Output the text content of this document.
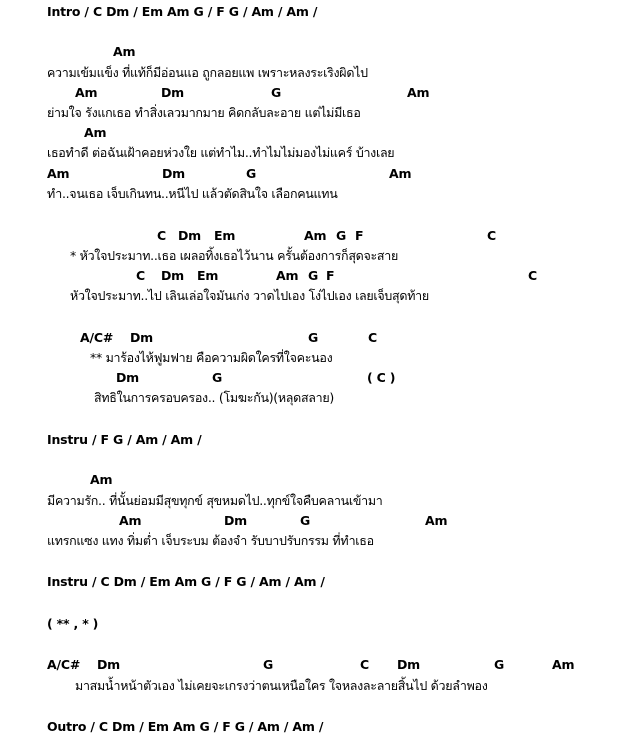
Intro / C Dm / Em Am G / F G / Am / Am /
Am
ความเข้มแข็ง ที่แท้ก็มีอ่อนแอ ถูกลอยแพ เพราะหลงระเริงผิดไป
Am	Dm	G	Am
ย่ามใจ รังแกเธอ ทำสิ่งเลวมากมาย คิดกลับละอาย แต่ไม่มีเธอ
Am
เธอทำดี ต่อฉันเฝ้าคอยห่วงใย แต่ทำไม..ทำไมไม่มองไม่แคร์ บ้างเลย
Am	Dm	G	Am
ทำ..จนเธอ เจ็บเกินทน..หนีไป แล้วตัดสินใจ เลือกคนแทน
C Dm Em	Am G F	C
* หัวใจประมาท..เธอ เผลอทิ้งเธอไว้นาน ครั้นต้องการก็สุดจะสาย
C Dm Em	Am G F	C
หัวใจประมาท..ไป เลินเล่อใจมันเก่ง วาดไปเอง โง่ไปเอง เลยเจ็บสุดท้าย
A/C# Dm	G	C
** มาร้องไห้ฟูมฟาย คือความผิดใครที่ใจคะนอง
Dm	G	( C )
สิทธิในการครอบครอง.. (โมฆะกัน)(หลุดสลาย)
Instru / F G / Am / Am /
Am
มีความรัก.. ที่นั้นย่อมมีสุขทุกข์ สุขหมดไป..ทุกข์ใจคืบคลานเข้ามา
Am	Dm	G	Am
แทรกแซง แทง ทิ่มต่ำ เจ็บระบม ต้องจำ รับบาปรับกรรม ที่ทำเธอ
Instru / C Dm / Em Am G / F G / Am / Am /
( ** , * )
A/C# Dm	G	C Dm	G	Am
มาสมน้ำหน้าตัวเอง ไม่เคยจะเกรงว่าตนเหนือใคร ใจหลงละลายสิ้นไป ด้วยลำพอง
Outro / C Dm / Em Am G / F G / Am / Am /
